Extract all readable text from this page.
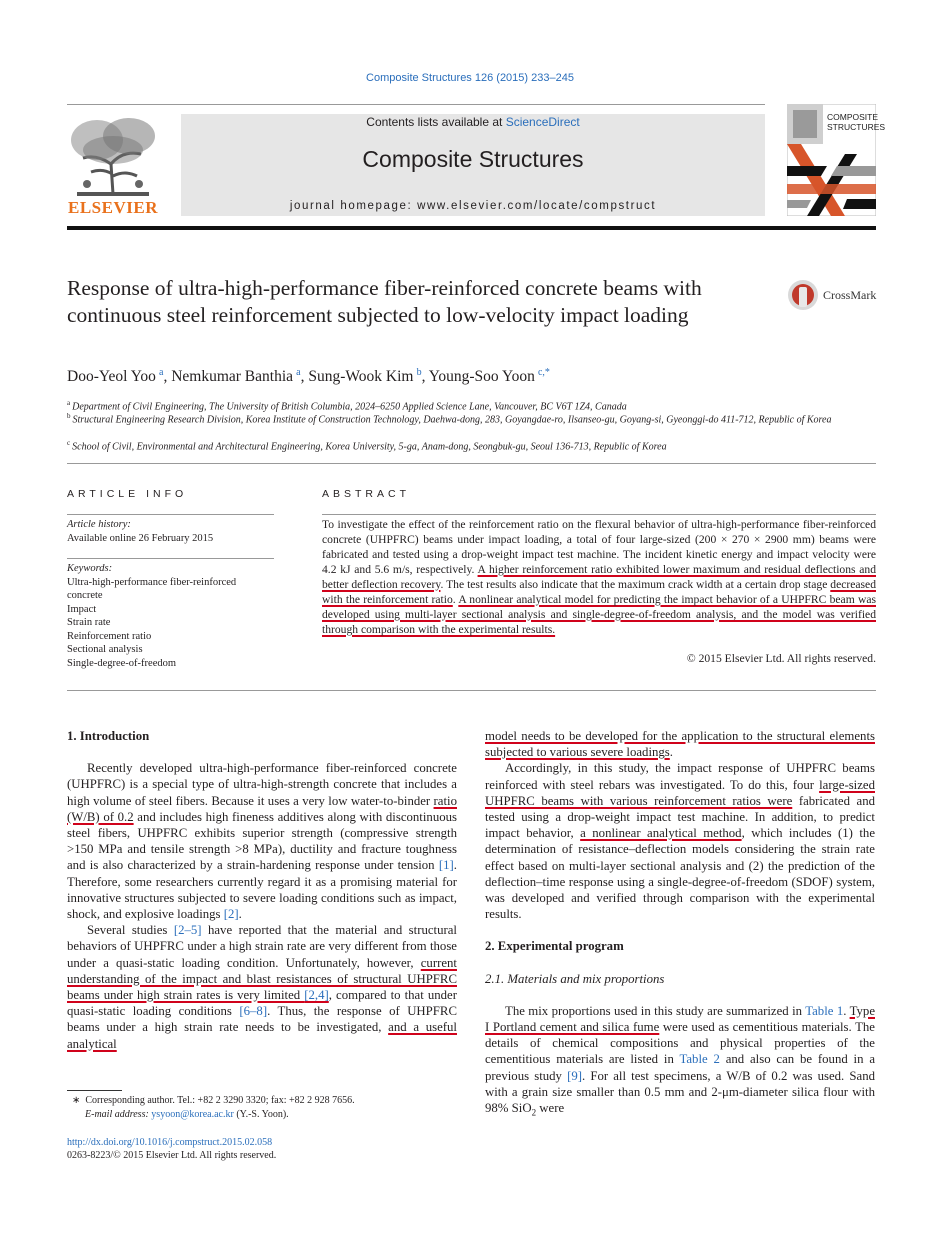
Composite Structures 126 (2015) 233–245
ELSEVIER
Contents lists available at ScienceDirect
Composite Structures
journal homepage: www.elsevier.com/locate/compstruct
COMPOSITE STRUCTURES
Response of ultra-high-performance fiber-reinforced concrete beams with continuous steel reinforcement subjected to low-velocity impact loading
CrossMark
Doo-Yeol Yoo  $^a$, Nemkumar Banthia  $^a$, Sung-Wook Kim  $^b$, Young-Soo Yoon  $^{c,*}$
$^a$  Department of Civil Engineering, The University of British Columbia, 2024–6250 Applied Science Lane, Vancouver, BC V6T 1Z4, Canada
$^b$  Structural Engineering Research Division, Korea Institute of Construction Technology, Daehwa-dong, 283, Goyangdae-ro, Ilsanseo-gu, Goyang-si, Gyeonggi-do 411-712, Republic of Korea
$^c$  School of Civil, Environmental and Architectural Engineering, Korea University, 5-ga, Anam-dong, Seongbuk-gu, Seoul 136-713, Republic of Korea
ARTICLE INFO
Article history:
Available online 26 February 2015
Keywords:
Ultra-high-performance fiber-reinforced concrete
Impact
Strain rate
Reinforcement ratio
Sectional analysis
Single-degree-of-freedom
ABSTRACT
To investigate the effect of the reinforcement ratio on the flexural behavior of ultra-high-performance fiber-reinforced concrete (UHPFRC) beams under impact loading, a total of four large-sized (200 × 270 × 2900 mm) beams were fabricated and tested using a drop-weight impact test machine. The incident kinetic energy and impact velocity were 4.2 kJ and 5.6 m/s, respectively. A higher reinforcement ratio exhibited lower maximum and residual deflections and better deflection recovery. The test results also indicate that the maximum crack width at a certain drop stage decreased with the reinforcement ratio. A nonlinear analytical model for predicting the impact behavior of a UHPFRC beam was developed using multi-layer sectional analysis and single-degree-of-freedom analysis, and the model was verified through comparison with the experimental results.
© 2015 Elsevier Ltd. All rights reserved.

1. Introduction

Recently developed ultra-high-performance fiber-reinforced concrete (UHPFRC) is a special type of ultra-high-strength concrete that includes a high volume of steel fibers. Because it uses a very low water-to-binder ratio (W/B) of 0.2 and includes high fineness additives along with discontinuous steel fibers, UHPFRC exhibits superior strength (compressive strength >150 MPa and tensile strength >8 MPa), ductility and fracture toughness and is also characterized by a strain-hardening response under tension [1]. Therefore, some researchers currently regard it as a promising material for innovative structures subjected to severe loading conditions such as impact, shock, and explosive loadings [2].

Several studies [2–5] have reported that the material and structural behaviors of UHPFRC under a high strain rate are very different from those under a quasi-static loading condition. Unfortunately, however, current understanding of the impact and blast resistances of structural UHPFRC beams under high strain rates is very limited [2,4], compared to that under quasi-static loading conditions [6–8]. Thus, the response of UHPFRC beams under a high strain rate needs to be investigated, and a useful analytical

model needs to be developed for the application to the structural elements subjected to various severe loadings.

Accordingly, in this study, the impact response of UHPFRC beams reinforced with steel rebars was investigated. To do this, four large-sized UHPFRC beams with various reinforcement ratios were fabricated and tested using a drop-weight impact test machine. In addition, to predict impact behavior, a nonlinear analytical method, which includes (1) the determination of resistance–deflection models considering the strain rate effect based on multi-layer sectional analysis and (2) the prediction of the deflection–time response using a single-degree-of-freedom (SDOF) system, was developed and verified through comparison with the experimental results.

2. Experimental program

2.1. Materials and mix proportions

The mix proportions used in this study are summarized in Table 1. Type I Portland cement and silica fume were used as cementitious materials. The details of chemical compositions and physical properties of the cementitious materials are listed in Table 2 and also can be found in a previous study [9]. For all test specimens, a W/B of 0.2 was used. Sand with a grain size smaller than 0.5 mm and 2-μm-diameter silica flour with 98% SiO$_2$ were

∗  Corresponding author. Tel.: +82 2 3290 3320; fax: +82 2 928 7656.
E-mail address: ysyoon@korea.ac.kr (Y.-S. Yoon).
http://dx.doi.org/10.1016/j.compstruct.2015.02.058
0263-8223/© 2015 Elsevier Ltd. All rights reserved.
